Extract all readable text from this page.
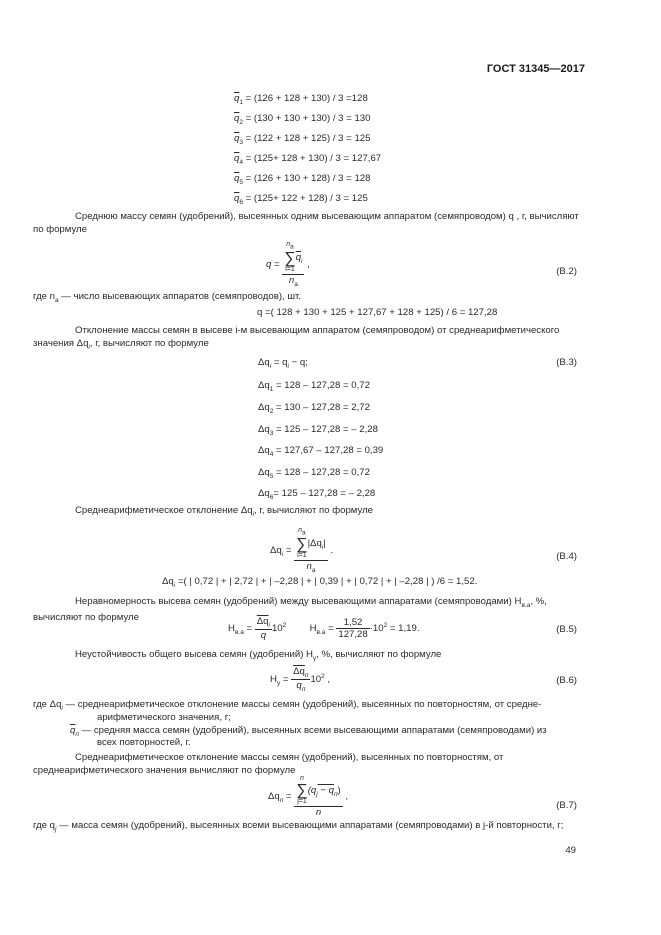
ГОСТ 31345—2017
$\overline{q}_1 = (126 + 128 + 130) / 3 =128$
$\overline{q}_2 = (130 + 130 + 130) / 3 = 130$
$\overline{q}_3 = (122 + 128 + 125) / 3 = 125$
$\overline{q}_4 = (125+ 128 + 130) / 3 = 127,67$
$\overline{q}_5 = (126 + 130 + 128) / 3 = 128$
$\overline{q}_6 = (125+ 122 + 128) / 3 = 125$
Среднюю массу семян (удобрений), высеянных одним высевающим аппаратом (семяпроводом) q , г, вычисляют по формуле
$q = n_а$
∑
$i=1\overline{q}_i$
$n_а$ ,
(В.2)
где $n_а$ — число высевающих аппаратов (семяпроводов), шт.
q =( 128 + 130 + 125 + 127,67 + 128 + 125) / 6 = 127,28
Отклонение массы семян в высеве i-м высевающим аппаратом (семяпроводом) от среднеарифметического значения $\Delta q_i$, г, вычисляют по формуле
$\Delta q_i = q_i - q$;	(В.3)
$\Delta q_1 = 128 - 127,28 = 0,72$
$\Delta q_2 = 130 - 127,28 = 2,72$
$\Delta q_3 = 125 - 127,28$ = – 2,28
$\Delta q_4 = 127,67 - 127,28 = 0,39$
$\Delta q_5 = 128 - 127,28 = 0,72$
$\Delta q_6= 125 - 127,28$ = – 2,28
Среднеарифметическое отклонение $\Delta q_i$, г, вычисляют по формуле
$\Delta q_i = n_а$
∑
$i=1|\Delta q_i|$
$n_а$ .
(В.4)
$\Delta q_i$ =( | 0,72 | + | 2,72 | + | –2,28 | + | 0,39 | + | 0,72 | + | –2,28 | ) /6 = 1,52.
Неравномерность высева семян (удобрений) между высевающими аппаратами (семяпроводами) $Н_{в.а}$, %, вычисляют по формуле
$Н_{в.а} = \frac{\overline{\Delta q}_i}{q} 10^2$ $Н_{в.а} = \frac{1,52}{127,28} \cdot 10^2 = 1,19$.	(В.5)
Неустойчивость общего высева семян (удобрений) $Н_у$, %, вычисляют по формуле
$Н_у = \frac{\overline{\Delta q}_п}{\overline{q}_п} 10^2$ ,	(В.6)
где $\Delta q_i$ — среднеарифметическое отклонение массы семян (удобрений), высеянных по повторностям, от средне-
арифметического значения, г;
$\overline{q}_п$ — средняя масса семян (удобрений), высеянных всеми высевающими аппаратами (семяпроводами) из
всех повторностей, г.
Среднеарифметическое отклонение массы семян (удобрений), высеянных по повторностям, от среднеарифметического значения вычисляют по формуле
$\Delta q_п = n$
∑
$j=1(q_j - q_п)$
n ,
(В.7)
где $q_j$ — масса семян (удобрений), высеянных всеми высевающими аппаратами (семяпроводами) в j-й повторности, г;
49
